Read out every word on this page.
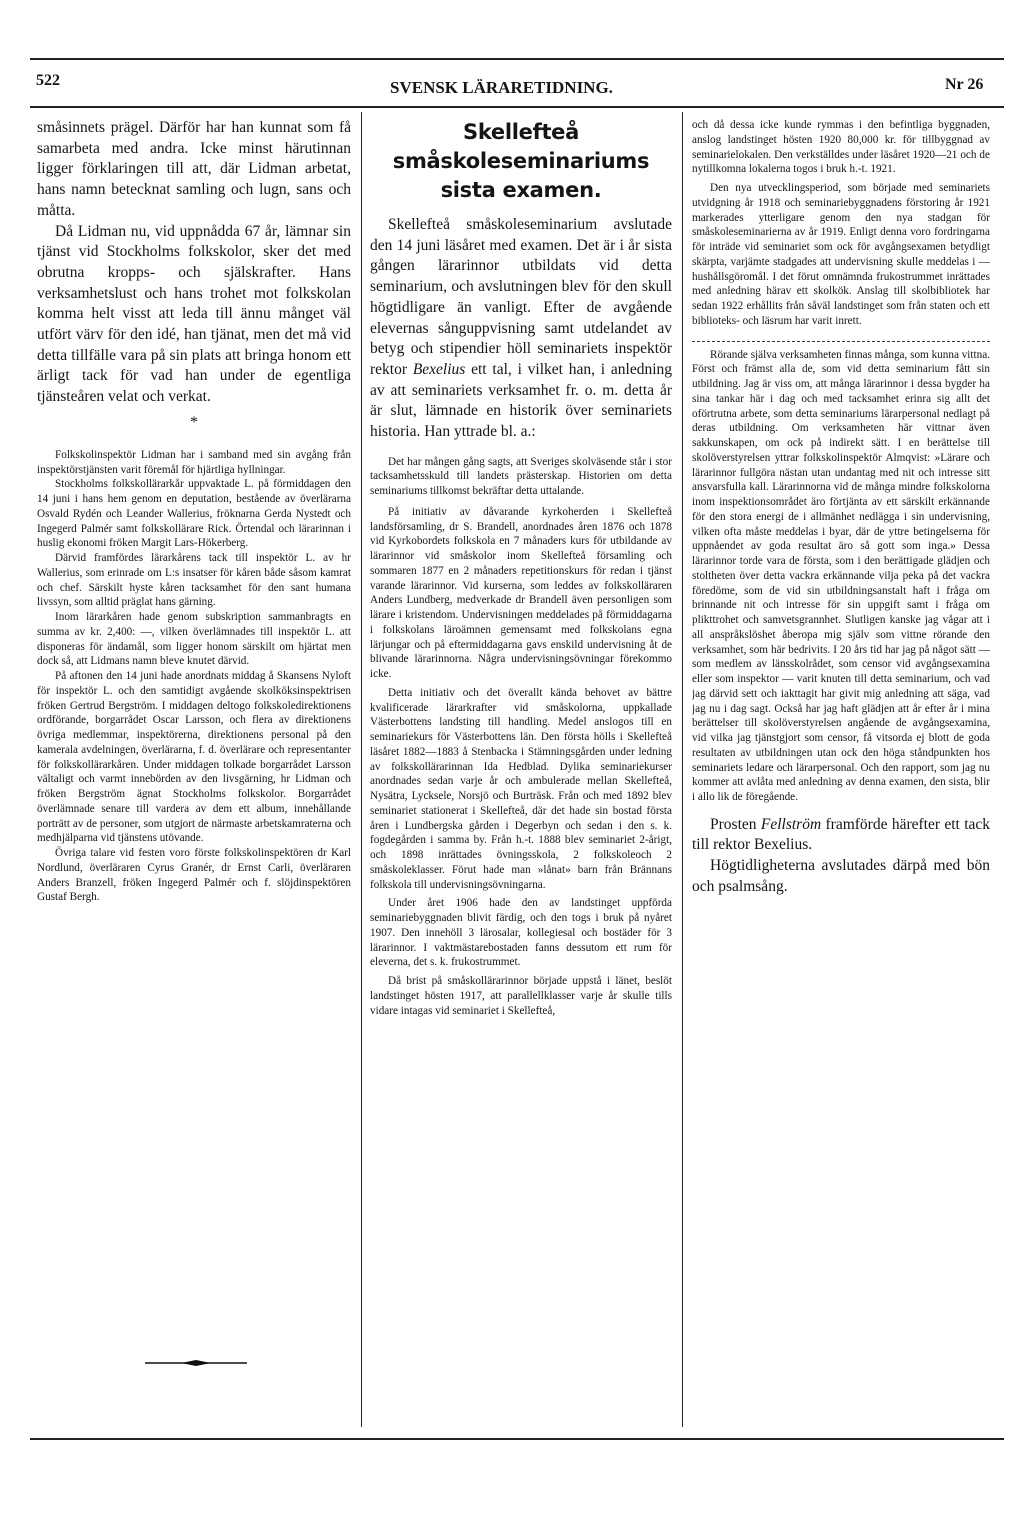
522	SVENSK LÄRARETIDNING.	Nr 26

småsinnets prägel. Därför har han kunnat som få samarbeta med andra. Icke minst härutinnan ligger förklaringen till att, där Lidman arbetat, hans namn betecknat samling och lugn, sans och måtta.

Då Lidman nu, vid uppnådda 67 år, lämnar sin tjänst vid Stockholms folkskolor, sker det med obrutna kropps- och själskrafter. Hans verksamhetslust och hans trohet mot folkskolan komma helt visst att leda till ännu månget väl utfört värv för den idé, han tjänat, men det må vid detta tillfälle vara på sin plats att bringa honom ett ärligt tack för vad han under de egentliga tjänsteåren velat och verkat.

*

Folkskolinspektör Lidman har i samband med sin avgång från inspektörstjänsten varit föremål för hjärtliga hyllningar.

Stockholms folkskollärarkår uppvaktade L. på förmiddagen den 14 juni i hans hem genom en deputation, bestående av överlärarna Osvald Rydén och Leander Wallerius, fröknarna Gerda Nystedt och Ingegerd Palmér samt folkskollärare Rick. Örtendal och lärarinnan i huslig ekonomi fröken Margit Lars-Hökerberg.

Därvid framfördes lärarkårens tack till inspektör L. av hr Wallerius, som erinrade om L:s insatser för kåren både såsom kamrat och chef. Särskilt hyste kåren tacksamhet för den sant humana livssyn, som alltid präglat hans gärning.

Inom lärarkåren hade genom subskription sammanbragts en summa av kr. 2,400: —, vilken överlämnades till inspektör L. att disponeras för ändamål, som ligger honom särskilt om hjärtat men dock så, att Lidmans namn bleve knutet därvid.

På aftonen den 14 juni hade anordnats middag å Skansens Nyloft för inspektör L. och den samtidigt avgående skolköksinspektrisen fröken Gertrud Bergström. I middagen deltogo folkskoledirektionens ordförande, borgarrådet Oscar Larsson, och flera av direktionens övriga medlemmar, inspektörerna, direktionens personal på den kamerala avdelningen, överlärarna, f. d. överlärare och representanter för folkskollärarkåren. Under middagen tolkade borgarrådet Larsson vältaligt och varmt innebörden av den livsgärning, hr Lidman och fröken Bergström ägnat Stockholms folkskolor. Borgarrådet överlämnade senare till vardera av dem ett album, innehållande porträtt av de personer, som utgjort de närmaste arbetskamraterna och medhjälparna vid tjänstens utövande.

Övriga talare vid festen voro förste folkskolinspektören dr Karl Nordlund, överläraren Cyrus Granér, dr Ernst Carli, överläraren Anders Branzell, fröken Ingegerd Palmér och f. slöjdinspektören Gustaf Bergh.

Skellefteå småskoleseminariums sista examen.

Skellefteå småskoleseminarium avslutade den 14 juni läsåret med examen. Det är i år sista gången lärarinnor utbildats vid detta seminarium, och avslutningen blev för den skull högtidligare än vanligt. Efter de avgående elevernas sånguppvisning samt utdelandet av betyg och stipendier höll seminariets inspektör rektor Bexelius ett tal, i vilket han, i anledning av att seminariets verksamhet fr. o. m. detta år är slut, lämnade en historik över seminariets historia. Han yttrade bl. a.:

Det har mången gång sagts, att Sveriges skolväsende står i stor tacksamhetsskuld till landets prästerskap. Historien om detta seminariums tillkomst bekräftar detta uttalande.

På initiativ av dåvarande kyrkoherden i Skellefteå landsförsamling, dr S. Brandell, anordnades åren 1876 och 1878 vid Kyrkobordets folkskola en 7 månaders kurs för utbildande av lärarinnor vid småskolor inom Skellefteå församling och sommaren 1877 en 2 månaders repetitionskurs för redan i tjänst varande lärarinnor. Vid kurserna, som leddes av folkskolläraren Anders Lundberg, medverkade dr Brandell även personligen som lärare i kristendom. Undervisningen meddelades på förmiddagarna i folkskolans läroämnen gemensamt med folkskolans egna lärjungar och på eftermiddagarna gavs enskild undervisning åt de blivande lärarinnorna. Några undervisningsövningar förekommo icke.

Detta initiativ och det överallt kända behovet av bättre kvalificerade lärarkrafter vid småskolorna, uppkallade Västerbottens landsting till handling. Medel anslogos till en seminariekurs för Västerbottens län. Den första hölls i Skellefteå läsåret 1882—1883 å Stenbacka i Stämningsgården under ledning av folkskollärarinnan Ida Hedblad. Dylika seminariekurser anordnades sedan varje år och ambulerade mellan Skellefteå, Nysätra, Lycksele, Norsjö och Burträsk. Från och med 1892 blev seminariet stationerat i Skellefteå, där det hade sin bostad första åren i Lundbergska gården i Degerbyn och sedan i den s. k. fogdegården i samma by. Från h.-t. 1888 blev seminariet 2-årigt, och 1898 inrättades övningsskola, 2 folkskoleoch 2 småskoleklasser. Förut hade man »lånat» barn från Brännans folkskola till undervisningsövningarna.

Under året 1906 hade den av landstinget uppförda seminariebyggnaden blivit färdig, och den togs i bruk på nyåret 1907. Den innehöll 3 lärosalar, kollegiesal och bostäder för 3 lärarinnor. I vaktmästarebostaden fanns dessutom ett rum för eleverna, det s. k. frukostrummet.

Då brist på småskollärarinnor började uppstå i länet, beslöt landstinget hösten 1917, att parallellklasser varje år skulle tills vidare intagas vid seminariet i Skellefteå,

och då dessa icke kunde rymmas i den befintliga byggnaden, anslog landstinget hösten 1920 80,000 kr. för tillbyggnad av seminarielokalen. Den verkställdes under läsåret 1920—21 och de nytillkomna lokalerna togos i bruk h.-t. 1921.

Den nya utvecklingsperiod, som började med seminariets utvidgning år 1918 och seminariebyggnadens förstoring år 1921 markerades ytterligare genom den nya stadgan för småskoleseminarierna av år 1919. Enligt denna voro fordringarna för inträde vid seminariet som ock för avgångsexamen betydligt skärpta, varjämte stadgades att undervisning skulle meddelas i — hushållsgöromål. I det förut omnämnda frukostrummet inrättades med anledning härav ett skolkök. Anslag till skolbibliotek har sedan 1922 erhållits från såväl landstinget som från staten och ett biblioteks- och läsrum har varit inrett.

Rörande själva verksamheten finnas många, som kunna vittna. Först och främst alla de, som vid detta seminarium fått sin utbildning. Jag är viss om, att många lärarinnor i dessa bygder ha sina tankar här i dag och med tacksamhet erinra sig allt det oförtrutna arbete, som detta seminariums lärarpersonal nedlagt på deras utbildning. Om verksamheten här vittnar även sakkunskapen, om ock på indirekt sätt. I en berättelse till skolöverstyrelsen yttrar folkskolinspektör Almqvist: »Lärare och lärarinnor fullgöra nästan utan undantag med nit och intresse sitt ansvarsfulla kall. Lärarinnorna vid de många mindre folkskolorna inom inspektionsområdet äro förtjänta av ett särskilt erkännande för den stora energi de i allmänhet nedlägga i sin undervisning, vilken ofta måste meddelas i byar, där de yttre betingelserna för uppnåendet av goda resultat äro så gott som inga.» Dessa lärarinnor torde vara de första, som i den berättigade glädjen och stoltheten över detta vackra erkännande vilja peka på det vackra föredöme, som de vid sin utbildningsanstalt haft i fråga om brinnande nit och intresse för sin uppgift samt i fråga om plikttrohet och samvetsgrannhet. Slutligen kanske jag vågar att i all anspråkslöshet åberopa mig själv som vittne rörande den verksamhet, som här bedrivits. I 20 års tid har jag på något sätt — som medlem av länsskolrådet, som censor vid avgångsexamina eller som inspektor — varit knuten till detta seminarium, och vad jag därvid sett och iakttagit har givit mig anledning att säga, vad jag nu i dag sagt. Också har jag haft glädjen att år efter år i mina berättelser till skolöverstyrelsen angående de avgångsexamina, vid vilka jag tjänstgjort som censor, få vitsorda ej blott de goda resultaten av utbildningen utan ock den höga ståndpunkten hos seminariets ledare och lärarpersonal. Och den rapport, som jag nu kommer att avlåta med anledning av denna examen, den sista, blir i allo lik de föregående.

Prosten Fellström framförde härefter ett tack till rektor Bexelius.

Högtidligheterna avslutades därpå med bön och psalmsång.
